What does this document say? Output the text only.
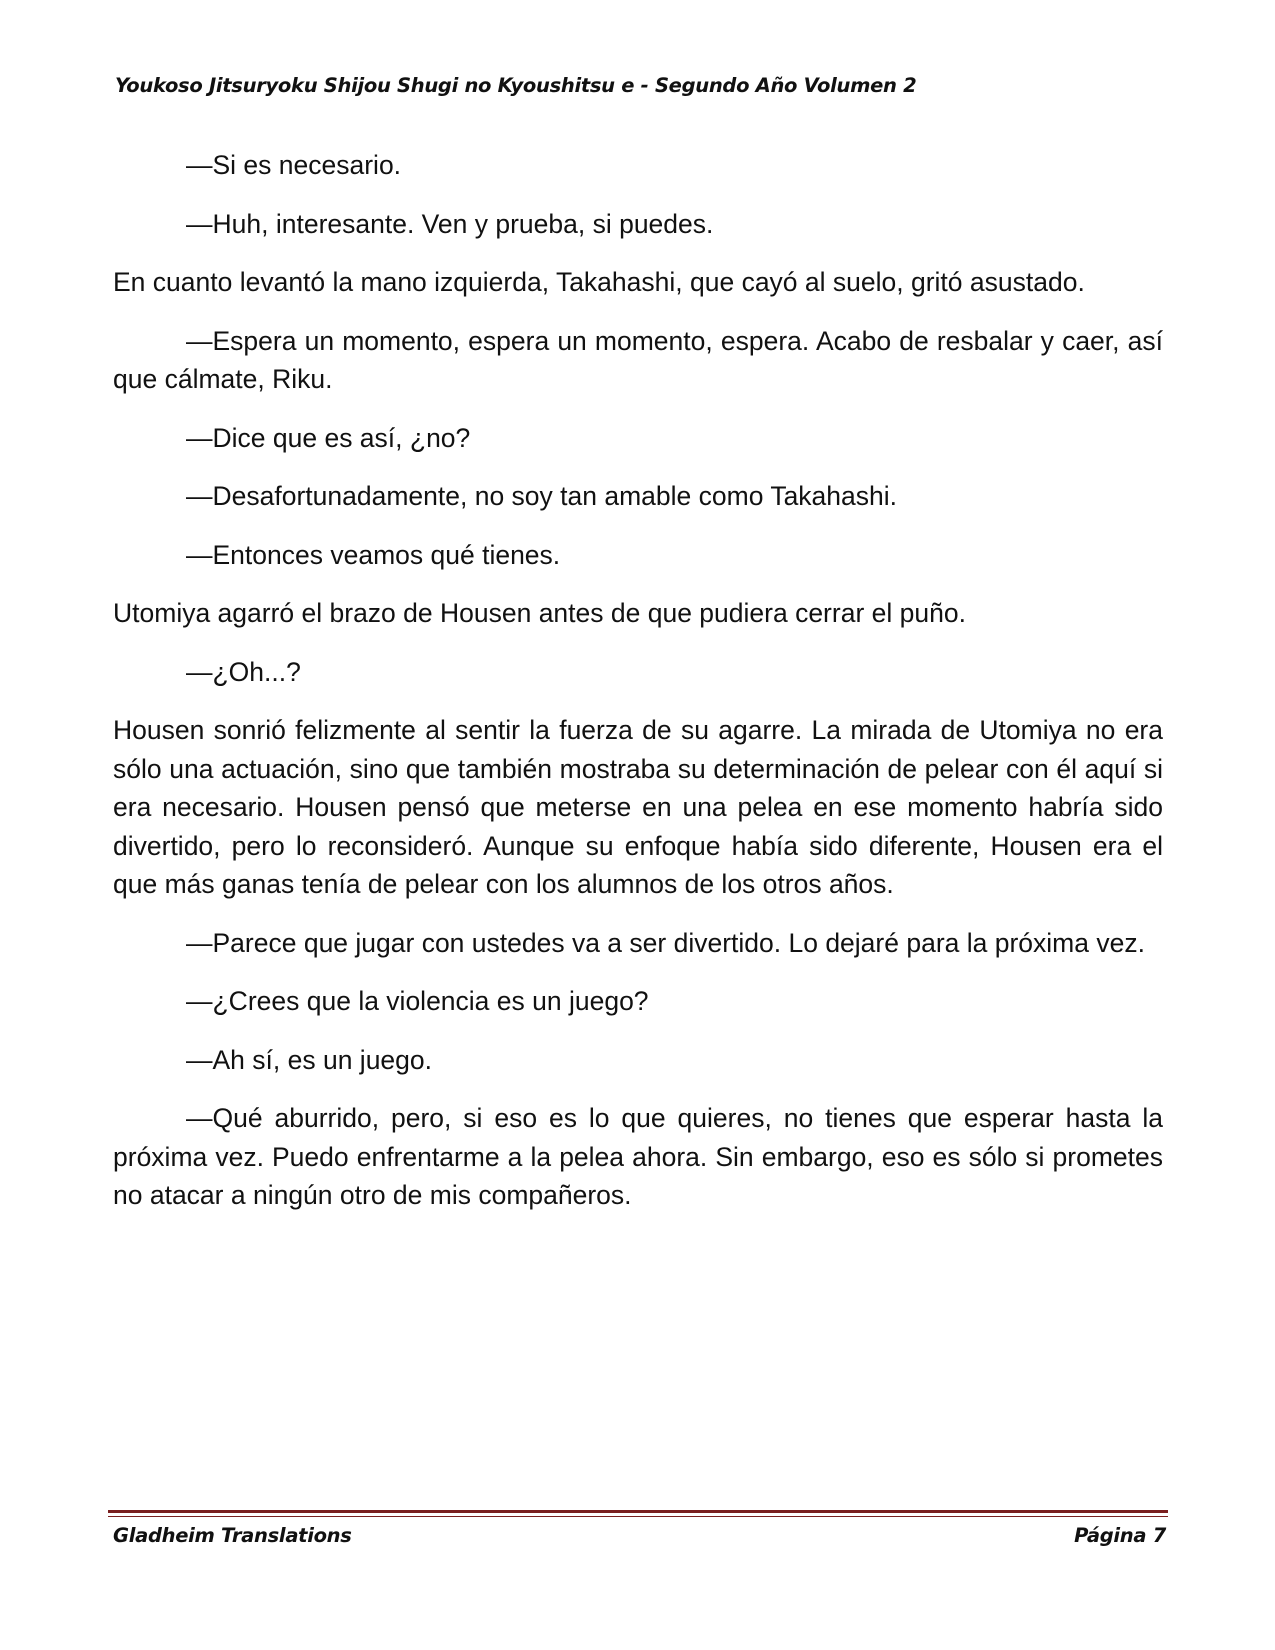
Youkoso Jitsuryoku Shijou Shugi no Kyoushitsu e - Segundo Año Volumen 2

—Si es necesario.

—Huh, interesante. Ven y prueba, si puedes.

En cuanto levantó la mano izquierda, Takahashi, que cayó al suelo, gritó asustado.

—Espera un momento, espera un momento, espera. Acabo de resbalar y caer, así que cálmate, Riku.

—Dice que es así, ¿no?

—Desafortunadamente, no soy tan amable como Takahashi.

—Entonces veamos qué tienes.

Utomiya agarró el brazo de Housen antes de que pudiera cerrar el puño.

—¿Oh...?

Housen sonrió felizmente al sentir la fuerza de su agarre. La mirada de Utomiya no era sólo una actuación, sino que también mostraba su determinación de pelear con él aquí si era necesario. Housen pensó que meterse en una pelea en ese momento habría sido divertido, pero lo reconsideró. Aunque su enfoque había sido diferente, Housen era el que más ganas tenía de pelear con los alumnos de los otros años.

—Parece que jugar con ustedes va a ser divertido. Lo dejaré para la próxima vez.

—¿Crees que la violencia es un juego?

—Ah sí, es un juego.

—Qué aburrido, pero, si eso es lo que quieres, no tienes que esperar hasta la próxima vez. Puedo enfrentarme a la pelea ahora. Sin embargo, eso es sólo si prometes no atacar a ningún otro de mis compañeros.

Gladheim Translations	Página 7
